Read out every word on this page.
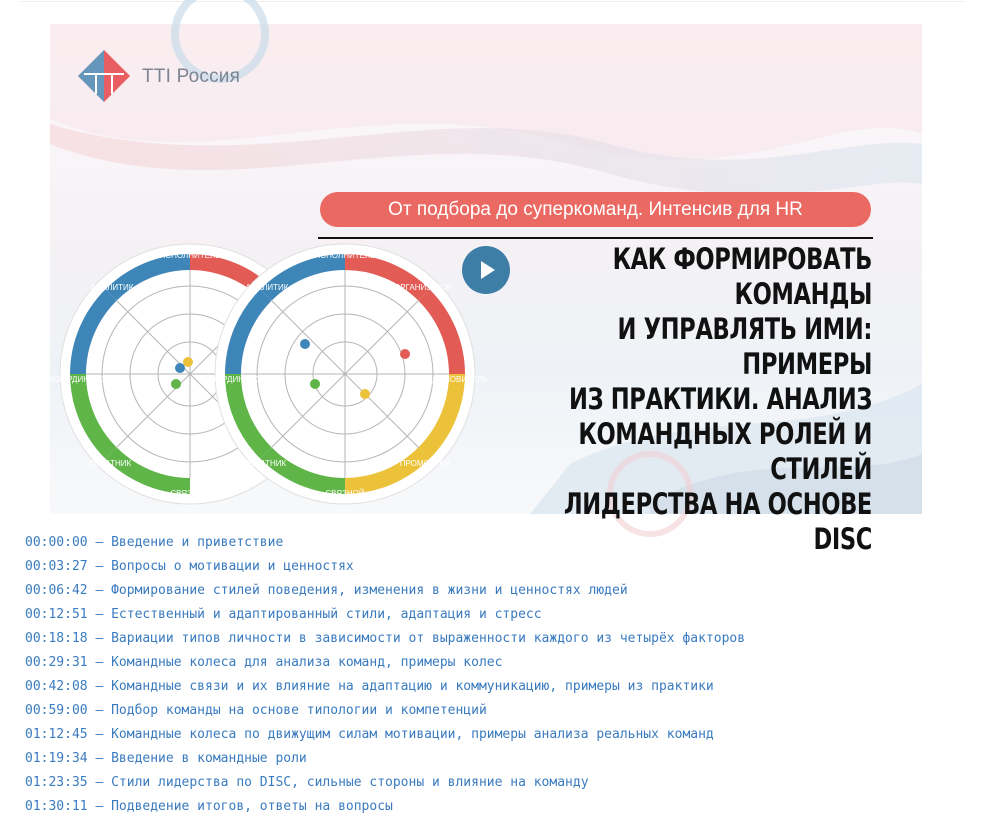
TTI Россия
От подбора до суперкоманд. Интенсив для HR
КАК ФОРМИРОВАТЬ КОМАНДЫ
И УПРАВЛЯТЬ ИМИ: ПРИМЕРЫ
ИЗ ПРАКТИКИ. АНАЛИЗ
КОМАНДНЫХ РОЛЕЙ И СТИЛЕЙ
ЛИДЕРСТВА НА ОСНОВЕ DISC
ИСПОЛНИТЕЛЬ
АНАЛИТИК
КООРДИНАТОР
СОРАТНИК
СВЯЗНОЙ
ИСПОЛНИТЕЛЬ
АНАЛИТИК	ОРГАНИЗАТОР
КООРДИНАТОР	ВДОХНОВИТЕЛЬ
СОРАТНИК	ПРОМОУТЕР
СВЯЗНОЙ
00:00:00 — Введение и приветствие
00:03:27 — Вопросы о мотивации и ценностях
00:06:42 — Формирование стилей поведения, изменения в жизни и ценностях людей
00:12:51 — Естественный и адаптированный стили, адаптация и стресс
00:18:18 — Вариации типов личности в зависимости от выраженности каждого из четырёх факторов
00:29:31 — Командные колеса для анализа команд, примеры колес
00:42:08 — Командные связи и их влияние на адаптацию и коммуникацию, примеры из практики
00:59:00 — Подбор команды на основе типологии и компетенций
01:12:45 — Командные колеса по движущим силам мотивации, примеры анализа реальных команд
01:19:34 — Введение в командные роли
01:23:35 — Стили лидерства по DISC, сильные стороны и влияние на команду
01:30:11 — Подведение итогов, ответы на вопросы
